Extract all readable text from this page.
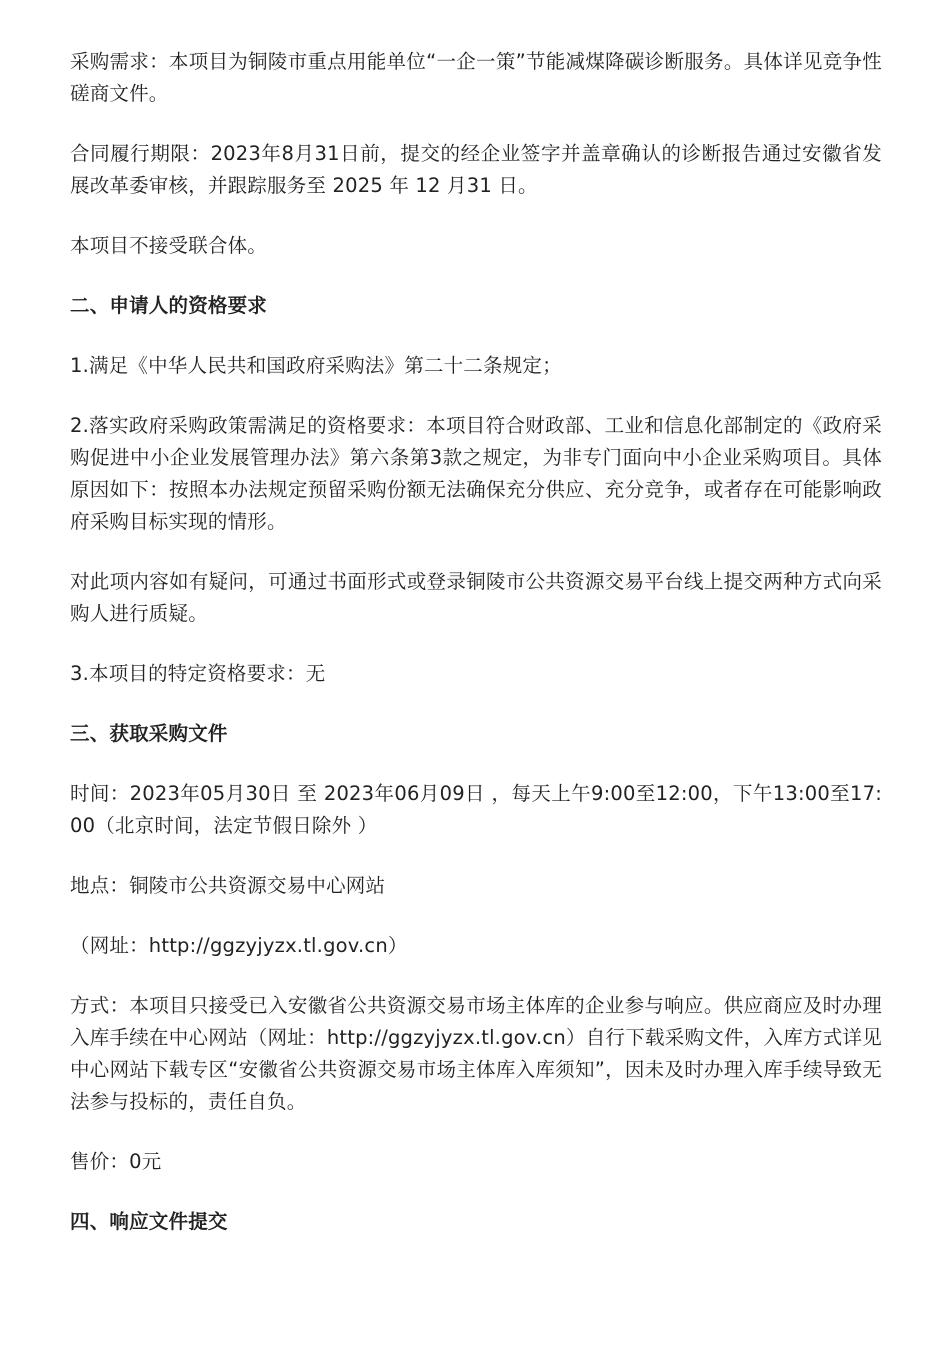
采购需求：本项目为铜陵市重点用能单位“一企一策”节能减煤降碳诊断服务。具体详见竞争性磋商文件。

合同履行期限：2023年8月31日前，提交的经企业签字并盖章确认的诊断报告通过安徽省发展改革委审核，并跟踪服务至 2025 年 12 月31 日。

本项目不接受联合体。

二、申请人的资格要求

1.满足《中华人民共和国政府采购法》第二十二条规定；

2.落实政府采购政策需满足的资格要求：本项目符合财政部、工业和信息化部制定的《政府采购促进中小企业发展管理办法》第六条第3款之规定，为非专门面向中小企业采购项目。具体原因如下：按照本办法规定预留采购份额无法确保充分供应、充分竞争，或者存在可能影响政府采购目标实现的情形。

对此项内容如有疑问，可通过书面形式或登录铜陵市公共资源交易平台线上提交两种方式向采购人进行质疑。

3.本项目的特定资格要求：无

三、获取采购文件

时间：2023年05月30日 至 2023年06月09日 ，每天上午9:00至12:00，下午13:00至17:00（北京时间，法定节假日除外 ）

地点：铜陵市公共资源交易中心网站

（网址：http://ggzyjyzx.tl.gov.cn）

方式：本项目只接受已入安徽省公共资源交易市场主体库的企业参与响应。供应商应及时办理入库手续在中心网站（网址：http://ggzyjyzx.tl.gov.cn）自行下载采购文件，入库方式详见中心网站下载专区“安徽省公共资源交易市场主体库入库须知”，因未及时办理入库手续导致无法参与投标的，责任自负。

售价：0元

四、响应文件提交
